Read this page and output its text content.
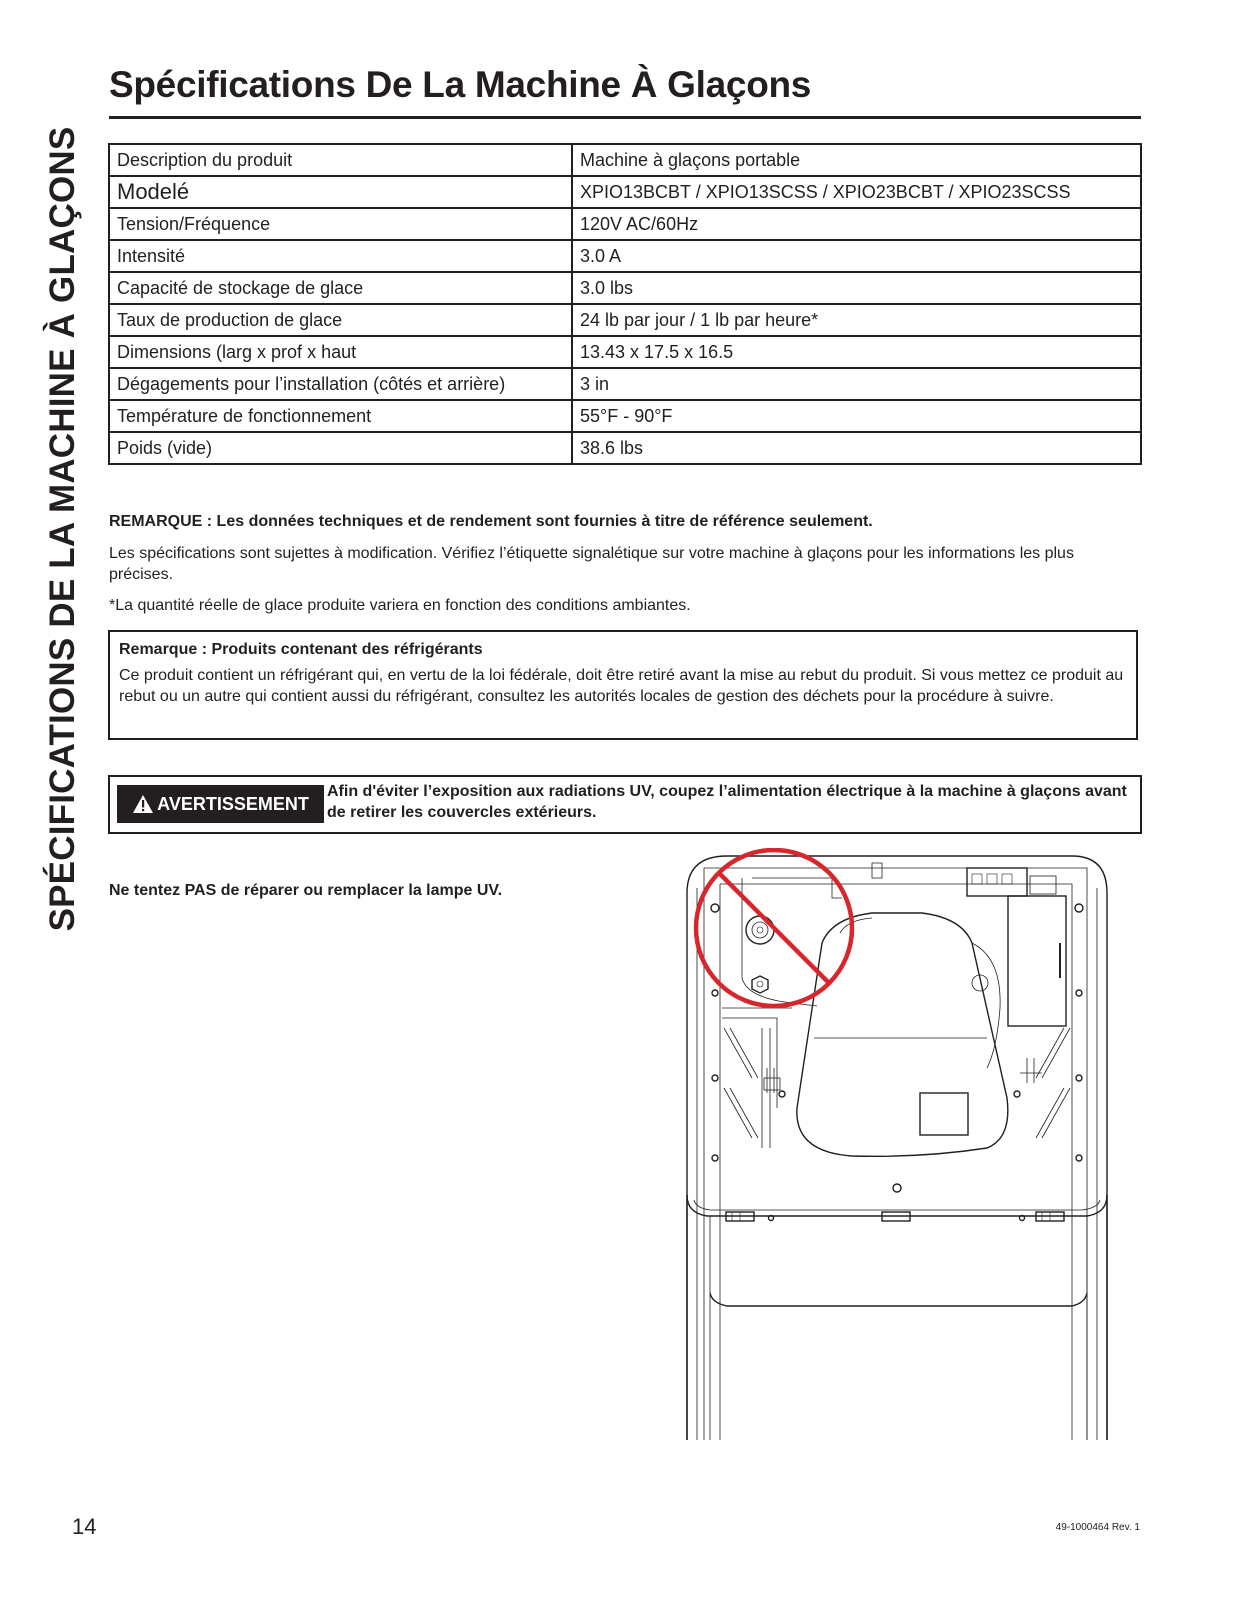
SPÉCIFICATIONS DE LA MACHINE À GLAÇONS
Spécifications De La Machine À Glaçons
Description du produit	Machine à glaçons portable
Modelé	XPIO13BCBT / XPIO13SCSS / XPIO23BCBT / XPIO23SCSS
Tension/Fréquence	120V AC/60Hz
Intensité	3.0 A
Capacité de stockage de glace	3.0 lbs
Taux de production de glace	24 lb par jour / 1 lb par heure*
Dimensions (larg x prof x haut	13.43 x 17.5 x 16.5
Dégagements pour l’installation (côtés et arrière)	3 in
Température de fonctionnement	55°F - 90°F
Poids (vide)	38.6 lbs

REMARQUE : Les données techniques et de rendement sont fournies à titre de référence seulement.

Les spécifications sont sujettes à modification. Vérifiez l’étiquette signalétique sur votre machine à glaçons pour les informations les plus précises.

*La quantité réelle de glace produite variera en fonction des conditions ambiantes.

Remarque : Produits contenant des réfrigérants

Ce produit contient un réfrigérant qui, en vertu de la loi fédérale, doit être retiré avant la mise au rebut du produit. Si vous mettez ce produit au rebut ou un autre qui contient aussi du réfrigérant, consultez les autorités locales de gestion des déchets pour la procédure à suivre.

AVERTISSEMENT

Afin d'éviter l’exposition aux radiations UV, coupez l’alimentation électrique à la machine à glaçons avant de retirer les couvercles extérieurs.

Ne tentez PAS de réparer ou remplacer la lampe UV.

14	49-1000464 Rev. 1
